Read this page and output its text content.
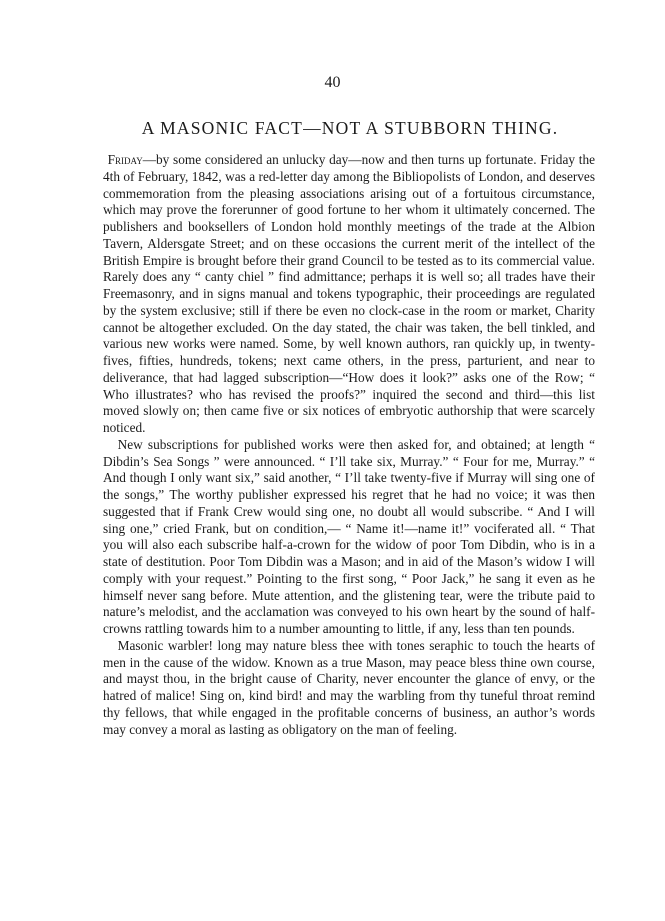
40
A MASONIC FACT—NOT A STUBBORN THING.

Friday—by some considered an unlucky day—now and then turns up fortunate. Friday the 4th of February, 1842, was a red-letter day among the Bibliopolists of London, and deserves commemoration from the pleasing associations arising out of a fortuitous circumstance, which may prove the forerunner of good fortune to her whom it ultimately concerned. The publishers and booksellers of London hold monthly meetings of the trade at the Albion Tavern, Aldersgate Street; and on these occasions the current merit of the intellect of the British Empire is brought before their grand Council to be tested as to its commercial value. Rarely does any “ canty chiel ” find admittance; perhaps it is well so; all trades have their Freemasonry, and in signs manual and tokens typographic, their proceedings are regulated by the system exclusive; still if there be even no clock-case in the room or market, Charity cannot be altogether excluded. On the day stated, the chair was taken, the bell tinkled, and various new works were named. Some, by well known authors, ran quickly up, in twenty-fives, fifties, hundreds, tokens; next came others, in the press, parturient, and near to deliverance, that had lagged subscription—“How does it look?” asks one of the Row; “ Who illustrates? who has revised the proofs?” inquired the second and third—this list moved slowly on; then came five or six notices of embryotic authorship that were scarcely noticed.

New subscriptions for published works were then asked for, and obtained; at length “ Dibdin’s Sea Songs ” were announced. “ I’ll take six, Murray.” “ Four for me, Murray.” “ And though I only want six,” said another, “ I’ll take twenty-five if Murray will sing one of the songs,” The worthy publisher expressed his regret that he had no voice; it was then suggested that if Frank Crew would sing one, no doubt all would subscribe. “ And I will sing one,” cried Frank, but on condition,— “ Name it!—name it!” vociferated all. “ That you will also each subscribe half-a-crown for the widow of poor Tom Dibdin, who is in a state of destitution. Poor Tom Dibdin was a Mason; and in aid of the Mason’s widow I will comply with your request.” Pointing to the first song, “ Poor Jack,” he sang it even as he himself never sang before. Mute attention, and the glistening tear, were the tribute paid to nature’s melodist, and the acclamation was conveyed to his own heart by the sound of half-crowns rattling towards him to a number amounting to little, if any, less than ten pounds.

Masonic warbler! long may nature bless thee with tones seraphic to touch the hearts of men in the cause of the widow. Known as a true Mason, may peace bless thine own course, and mayst thou, in the bright cause of Charity, never encounter the glance of envy, or the hatred of malice! Sing on, kind bird! and may the warbling from thy tuneful throat remind thy fellows, that while engaged in the profitable concerns of business, an author’s words may convey a moral as lasting as obligatory on the man of feeling.
